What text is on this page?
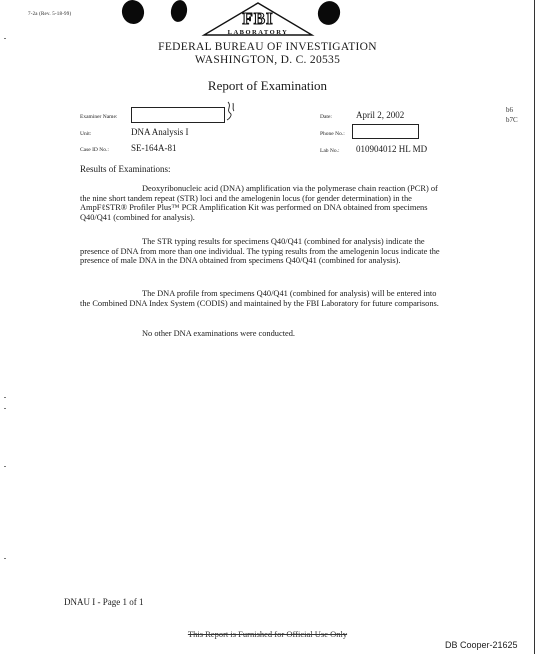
7-2a (Rev. 5-18-99)	FBI
LABORATORY
FEDERAL BUREAU OF INVESTIGATION
WASHINGTON, D. C. 20535
Report of Examination
b6
b7C
Examiner Name:
Unit:	DNA Analysis I
Case ID No.: SE-164A-81
Date:	April 2, 2002
Phone No.:
Lab No.: 010904012 HL MD
Results of Examinations:
Deoxyribonucleic acid (DNA) amplification via the polymerase chain reaction (PCR) of the nine short tandem repeat (STR) loci and the amelogenin locus (for gender determination) in the AmpFℓSTR® Profiler Plus™ PCR Amplification Kit was performed on DNA obtained from specimens Q40/Q41 (combined for analysis).
The STR typing results for specimens Q40/Q41 (combined for analysis) indicate the presence of DNA from more than one individual. The typing results from the amelogenin locus indicate the presence of male DNA in the DNA obtained from specimens Q40/Q41 (combined for analysis).
The DNA profile from specimens Q40/Q41 (combined for analysis) will be entered into the Combined DNA Index System (CODIS) and maintained by the FBI Laboratory for future comparisons.
No other DNA examinations were conducted.
DNAU I - Page 1 of 1
This Report is Furnished for Official Use Only
DB Cooper-21625
